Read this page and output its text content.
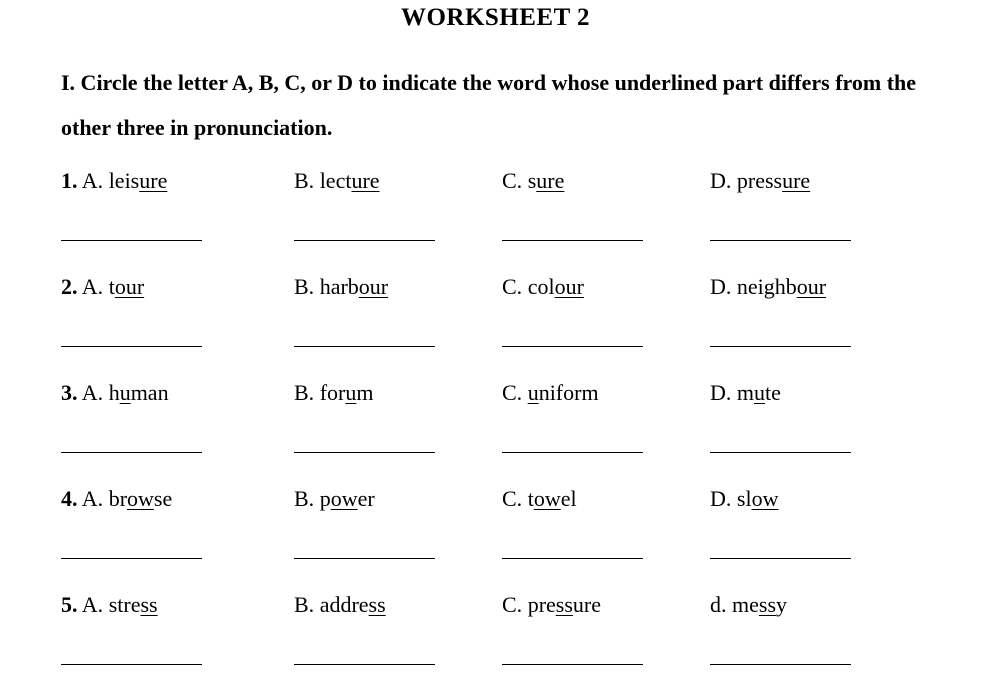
WORKSHEET 2
I. Circle the letter A, B, C, or D to indicate the word whose underlined part differs from the other three in pronunciation.
1. A. leisure	B. lecture	C. sure	D. pressure
2. A. tour	B. harbour	C. colour	D. neighbour
3. A. human	B. forum	C. uniform	D. mute
4. A. browse	B. power	C. towel	D. slow
5. A. stress	B. address	C. pressure	d. messy
